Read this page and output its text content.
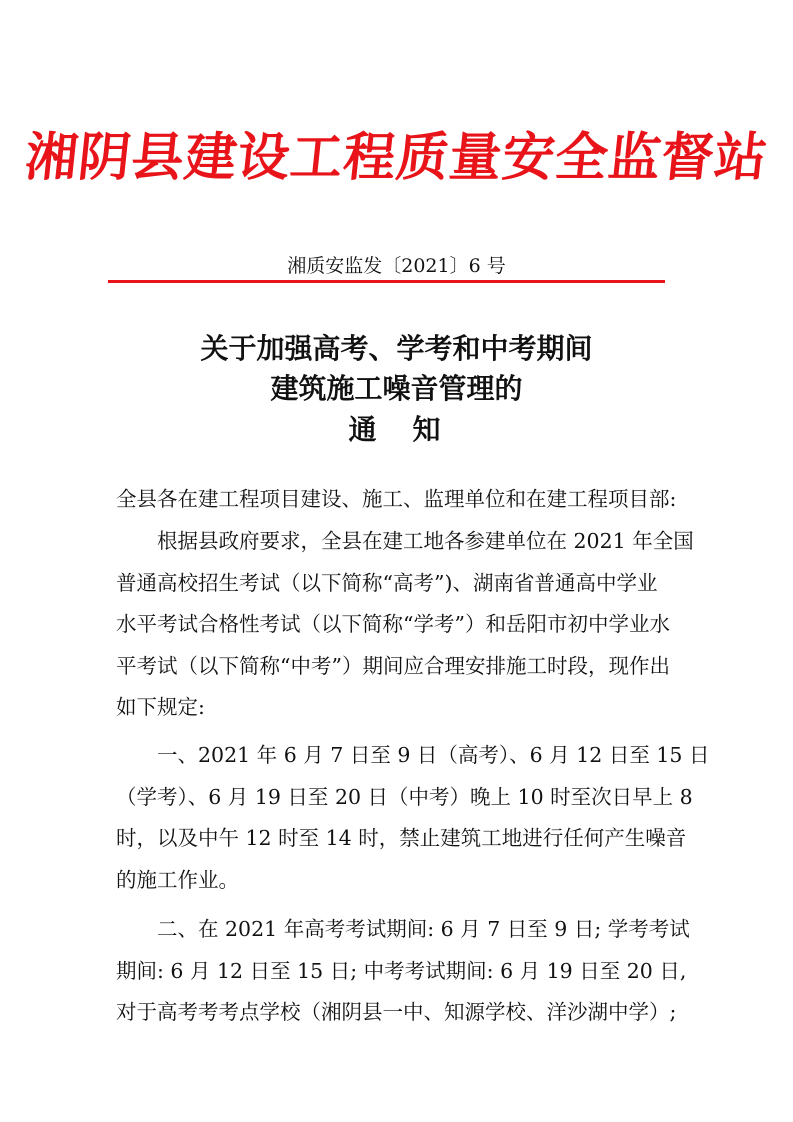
湘阴县建设工程质量安全监督站
湘质安监发〔2021〕6 号
关于加强高考、学考和中考期间
建筑施工噪音管理的
通　知
全县各在建工程项目建设、施工、监理单位和在建工程项目部:
根据县政府要求，全县在建工地各参建单位在 2021 年全国
普通高校招生考试（以下简称“高考”)、湖南省普通高中学业
水平考试合格性考试（以下简称“学考”）和岳阳市初中学业水
平考试（以下简称“中考”）期间应合理安排施工时段，现作出
如下规定:
一、2021 年 6 月 7 日至 9 日（高考）、6 月 12 日至 15 日
（学考）、6 月 19 日至 20 日（中考）晚上 10 时至次日早上 8
时，以及中午 12 时至 14 时，禁止建筑工地进行任何产生噪音
的施工作业。
二、在 2021 年高考考试期间: 6 月 7 日至 9 日; 学考考试
期间: 6 月 12 日至 15 日; 中考考试期间: 6 月 19 日至 20 日,
对于高考考考点学校（湘阴县一中、知源学校、洋沙湖中学）;
